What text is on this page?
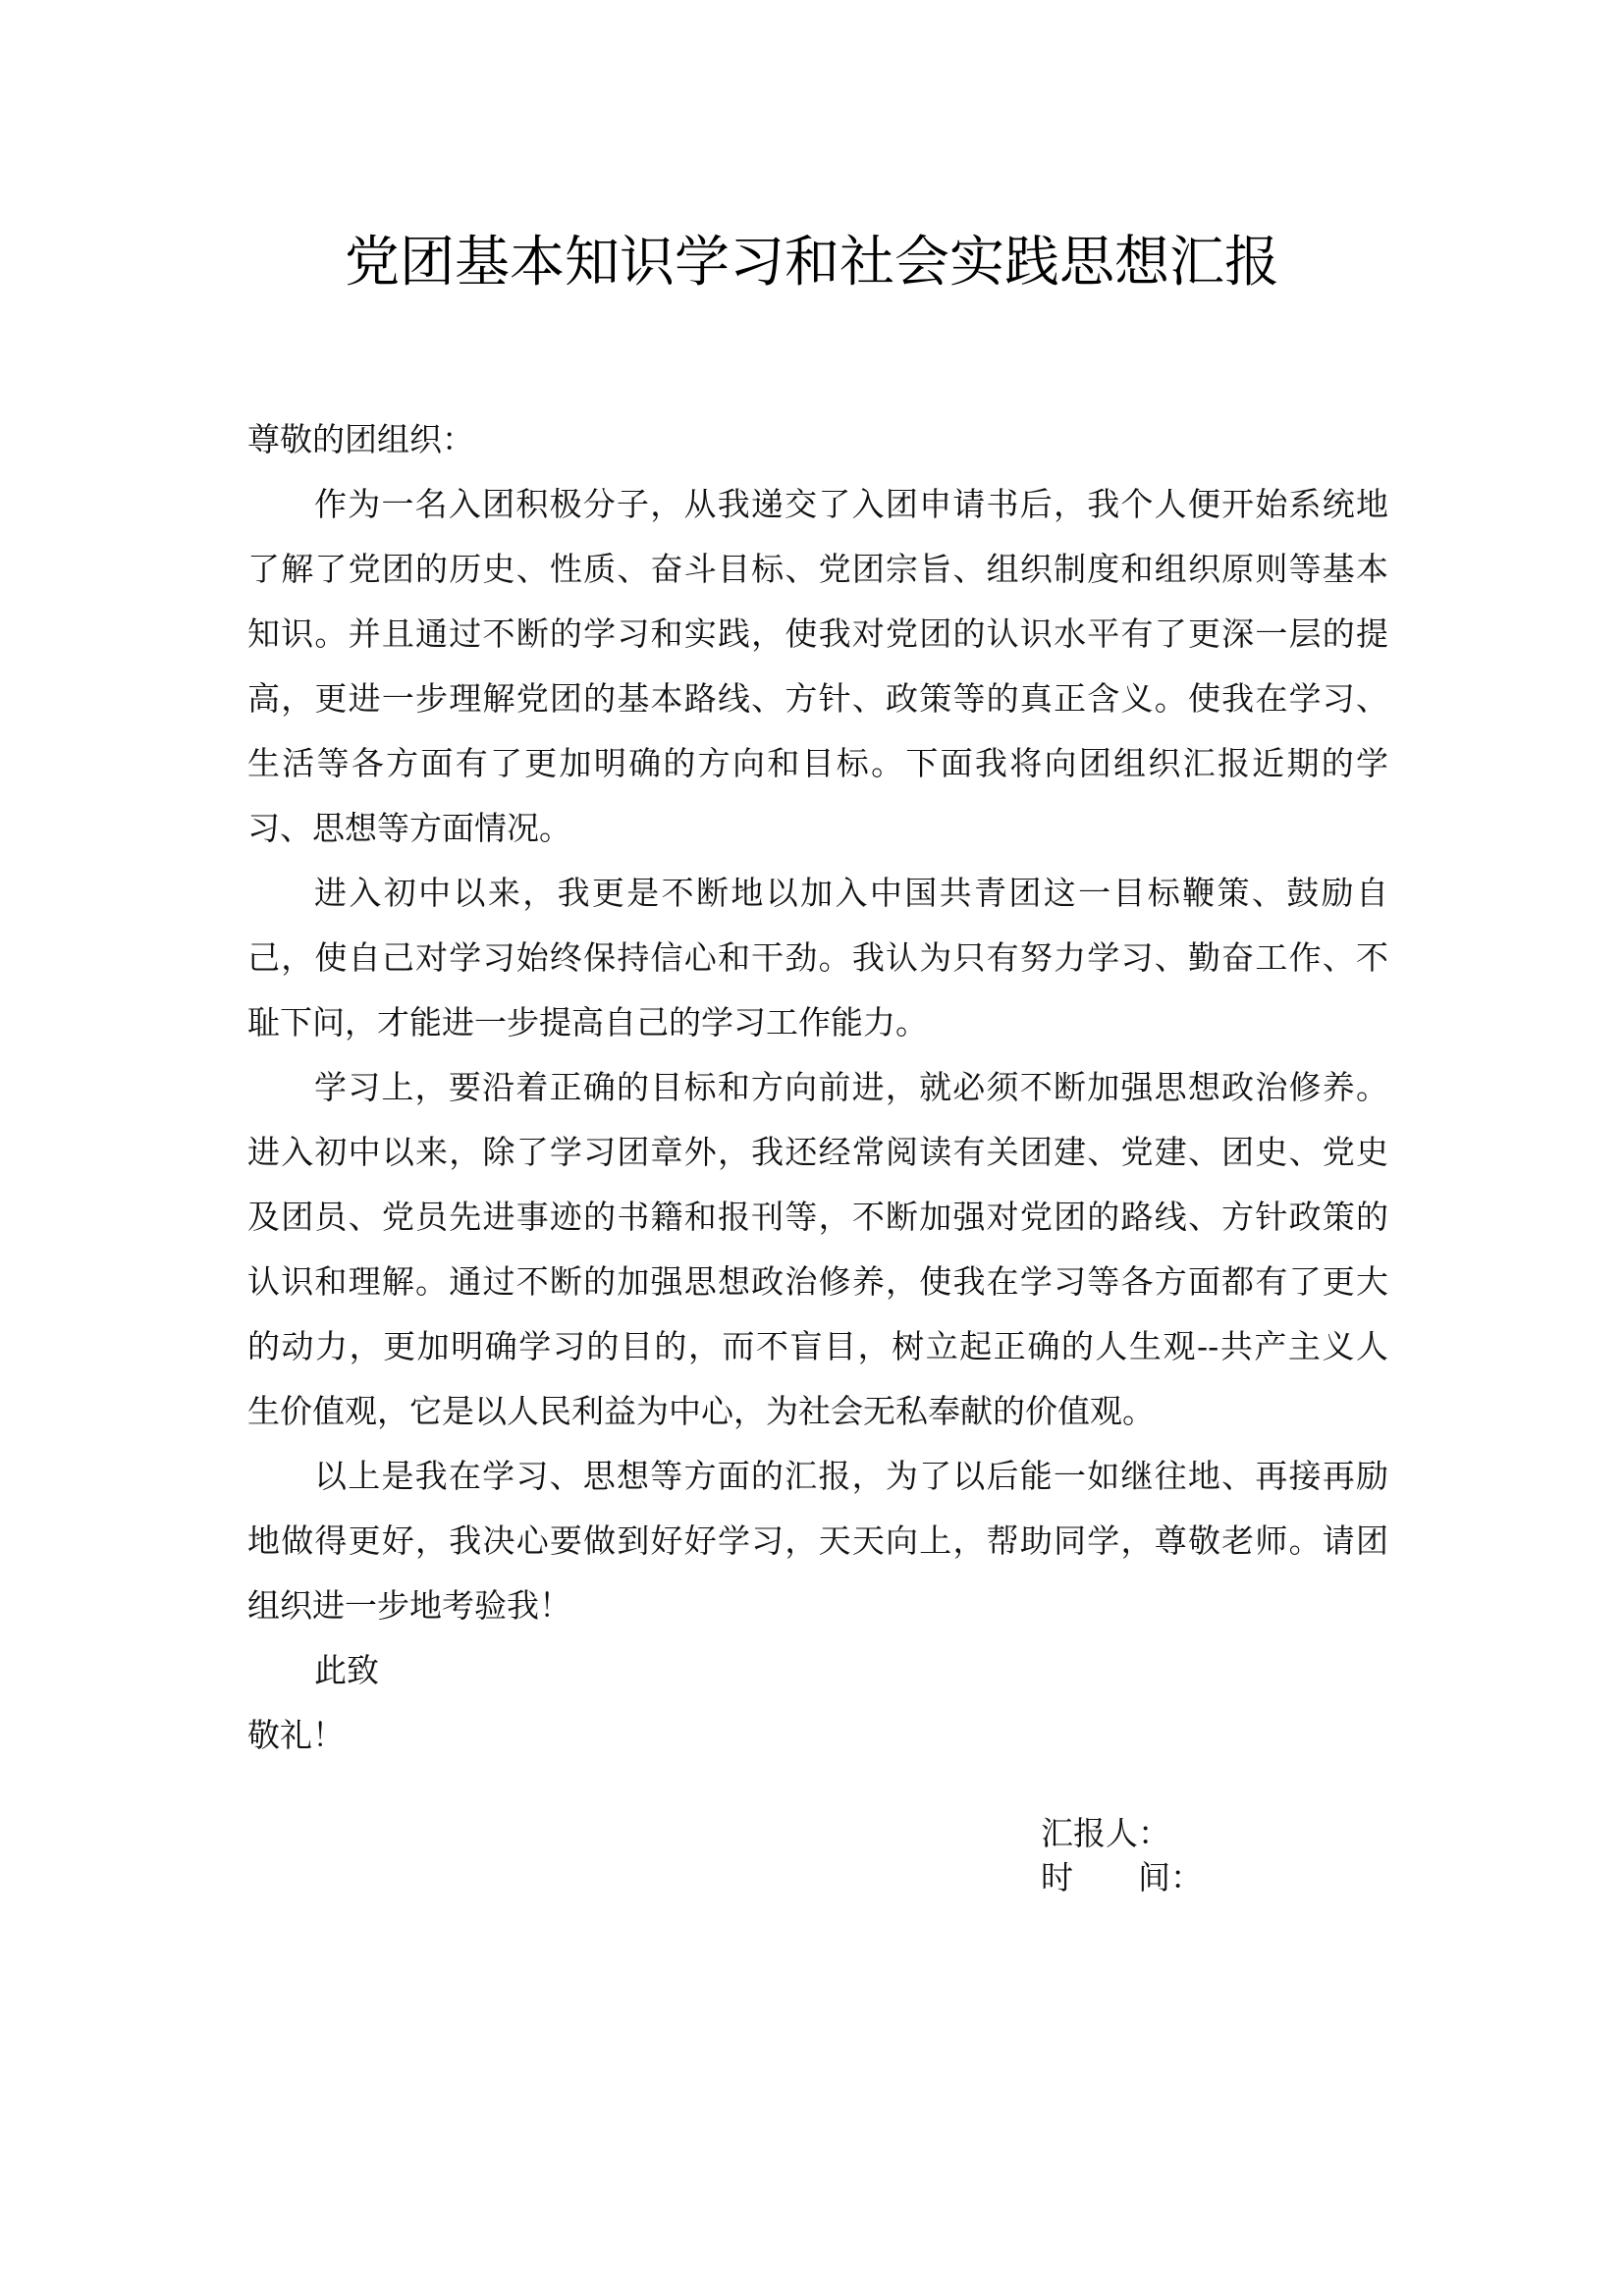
党团基本知识学习和社会实践思想汇报
尊敬的团组织：
作为一名入团积极分子，从我递交了入团申请书后，我个人便开始系统地
了解了党团的历史、性质、奋斗目标、党团宗旨、组织制度和组织原则等基本
知识。并且通过不断的学习和实践，使我对党团的认识水平有了更深一层的提
高，更进一步理解党团的基本路线、方针、政策等的真正含义。使我在学习、
生活等各方面有了更加明确的方向和目标。下面我将向团组织汇报近期的学
习、思想等方面情况。
进入初中以来，我更是不断地以加入中国共青团这一目标鞭策、鼓励自
己，使自己对学习始终保持信心和干劲。我认为只有努力学习、勤奋工作、不
耻下问，才能进一步提高自己的学习工作能力。
学习上，要沿着正确的目标和方向前进，就必须不断加强思想政治修养。
进入初中以来，除了学习团章外，我还经常阅读有关团建、党建、团史、党史
及团员、党员先进事迹的书籍和报刊等，不断加强对党团的路线、方针政策的
认识和理解。通过不断的加强思想政治修养，使我在学习等各方面都有了更大
的动力，更加明确学习的目的，而不盲目，树立起正确的人生观--共产主义人
生价值观，它是以人民利益为中心，为社会无私奉献的价值观。
以上是我在学习、思想等方面的汇报，为了以后能一如继往地、再接再励
地做得更好，我决心要做到好好学习，天天向上，帮助同学，尊敬老师。请团
组织进一步地考验我！
此致
敬礼！
汇报人：
时 间：
